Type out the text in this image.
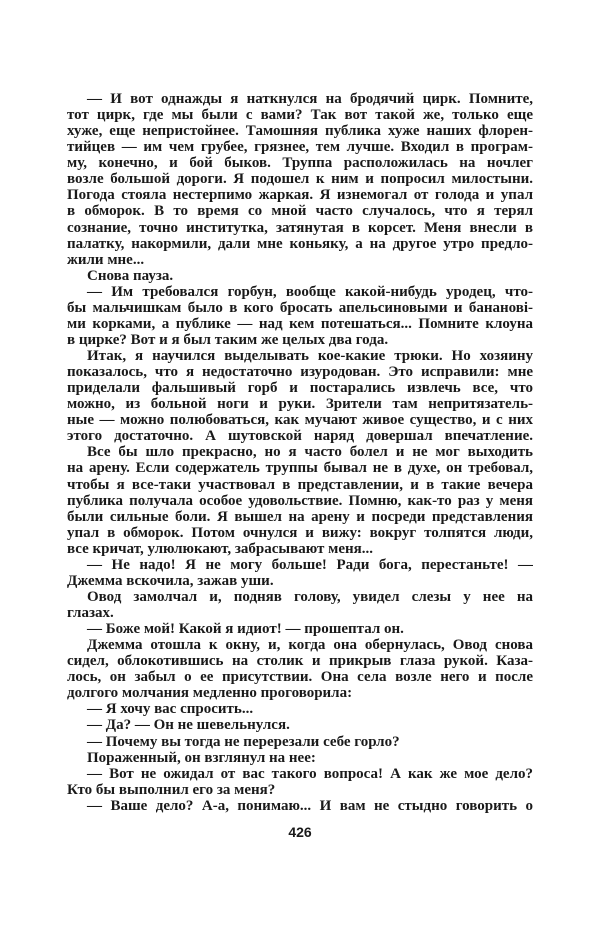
— И вот однажды я наткнулся на бродячий цирк. Помните,
тот цирк, где мы были с вами? Так вот такой же, только еще
хуже, еще непристойнее. Тамошняя публика хуже наших флорен-
тийцев — им чем грубее, грязнее, тем лучше. Входил в програм-
му, конечно, и бой быков. Труппа расположилась на ночлег
возле большой дороги. Я подошел к ним и попросил милостыни.
Погода стояла нестерпимо жаркая. Я изнемогал от голода и упал
в обморок. В то время со мной часто случалось, что я терял
сознание, точно институтка, затянутая в корсет. Меня внесли в
палатку, накормили, дали мне коньяку, а на другое утро предло-
жили мне...
Снова пауза.
— Им требовался горбун, вообще какой-нибудь уродец, что-
бы мальчишкам было в кого бросать апельсиновыми и бананові-
ми корками, а публике — над кем потешаться... Помните клоуна
в цирке? Вот и я был таким же целых два года.
Итак, я научился выделывать кое-какие трюки. Но хозяину
показалось, что я недостаточно изуродован. Это исправили: мне
приделали фальшивый горб и постарались извлечь все, что
можно, из больной ноги и руки. Зрители там непритязатель-
ные — можно полюбоваться, как мучают живое существо, и с них
этого достаточно. А шутовской наряд довершал впечатление.
Все бы шло прекрасно, но я часто болел и не мог выходить
на арену. Если содержатель труппы бывал не в духе, он требовал,
чтобы я все-таки участвовал в представлении, и в такие вечера
публика получала особое удовольствие. Помню, как-то раз у меня
были сильные боли. Я вышел на арену и посреди представления
упал в обморок. Потом очнулся и вижу: вокруг толпятся люди,
все кричат, улюлюкают, забрасывают меня...
— Не надо! Я не могу больше! Ради бога, перестаньте! —
Джемма вскочила, зажав уши.
Овод замолчал и, подняв голову, увидел слезы у нее на
глазах.
— Боже мой! Какой я идиот! — прошептал он.
Джемма отошла к окну, и, когда она обернулась, Овод снова
сидел, облокотившись на столик и прикрыв глаза рукой. Каза-
лось, он забыл о ее присутствии. Она села возле него и после
долгого молчания медленно проговорила:
— Я хочу вас спросить...
— Да? — Он не шевельнулся.
— Почему вы тогда не перерезали себе горло?
Пораженный, он взглянул на нее:
— Вот не ожидал от вас такого вопроса! А как же мое дело?
Кто бы выполнил его за меня?
— Ваше дело? А-а, понимаю... И вам не стыдно говорить о
426
